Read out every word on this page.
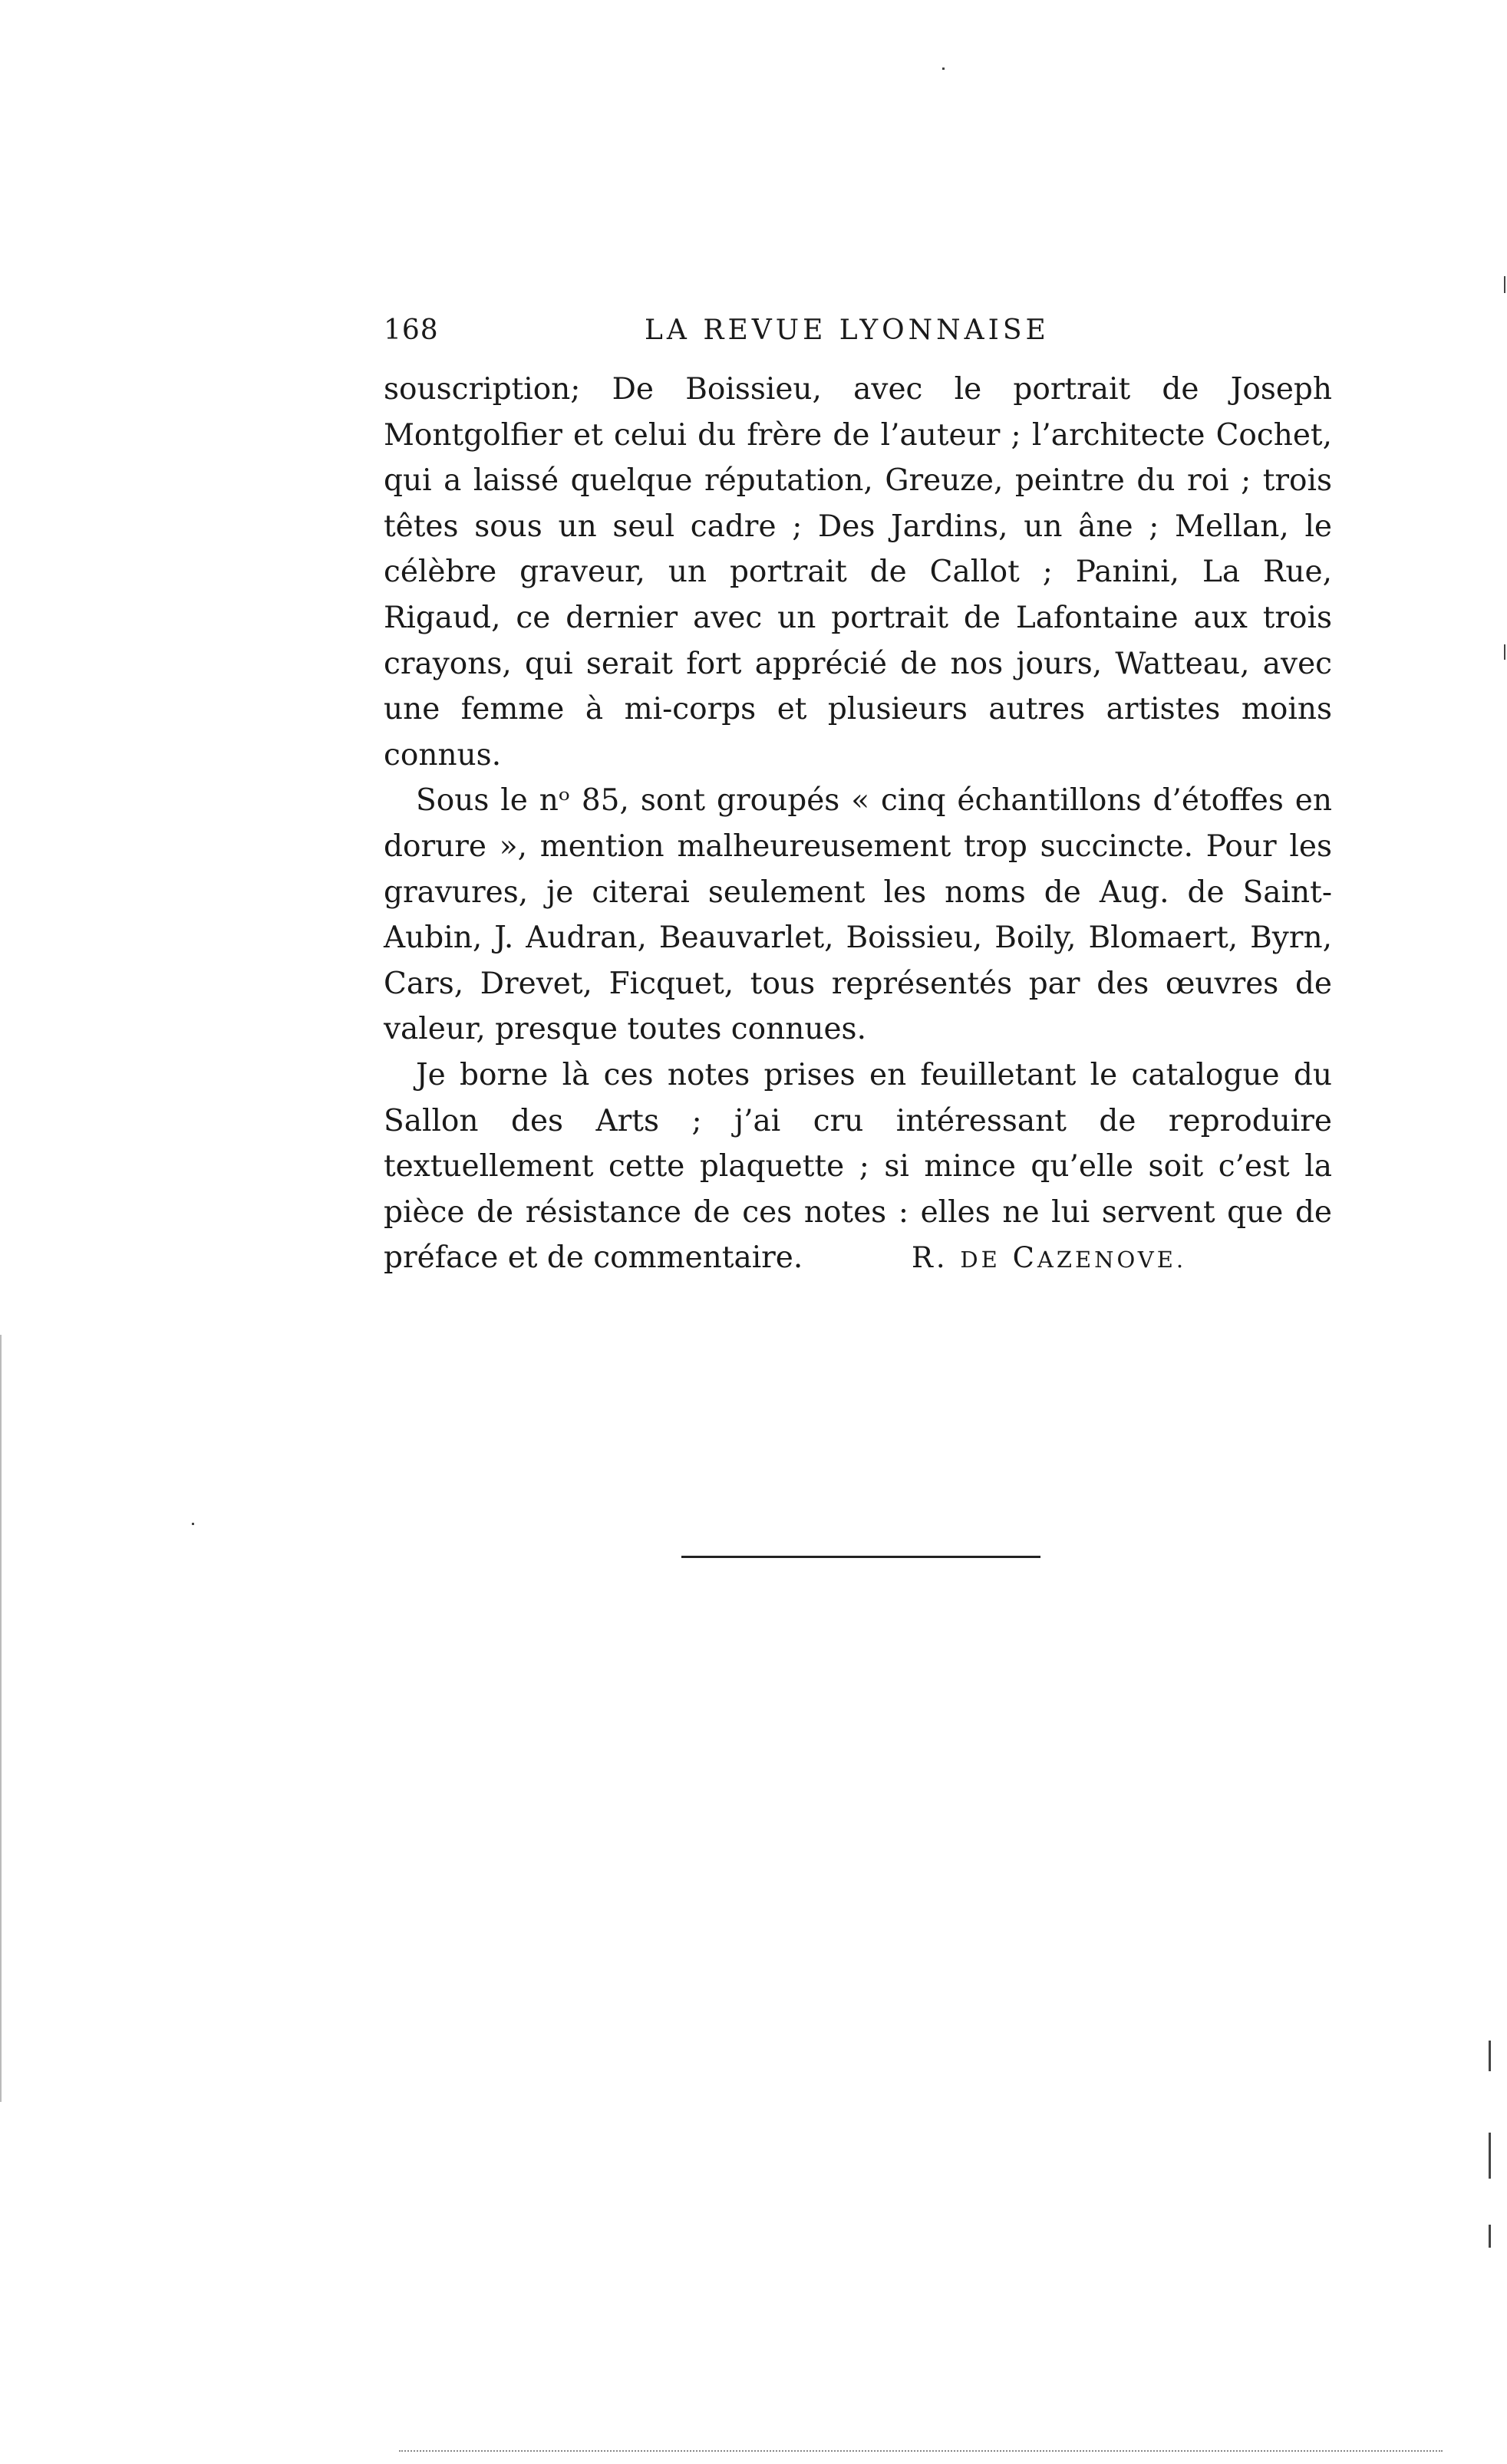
168	LA REVUE LYONNAISE

souscription; De Boissieu, avec le portrait de Joseph Montgolfier et celui du frère de l’auteur ; l’architecte Cochet, qui a laissé quelque réputation, Greuze, peintre du roi ; trois têtes sous un seul cadre ; Des Jardins, un âne ; Mellan, le célèbre graveur, un portrait de Callot ; Panini, La Rue, Rigaud, ce dernier avec un portrait de Lafontaine aux trois crayons, qui serait fort apprécié de nos jours, Watteau, avec une femme à mi-corps et plusieurs autres artistes moins connus.

Sous le nᵒ 85, sont groupés « cinq échantillons d’étoffes en dorure », mention malheureusement trop succincte. Pour les gravures, je citerai seulement les noms de Aug. de Saint-Aubin, J. Audran, Beauvarlet, Boissieu, Boily, Blomaert, Byrn, Cars, Drevet, Ficquet, tous représentés par des œuvres de valeur, presque toutes connues.

Je borne là ces notes prises en feuilletant le catalogue du Sallon des Arts ; j’ai cru intéressant de reproduire textuellement cette plaquette ; si mince qu’elle soit c’est la pièce de résistance de ces notes : elles ne lui servent que de préface et de commentaire.	R. DE CAZENOVE.
